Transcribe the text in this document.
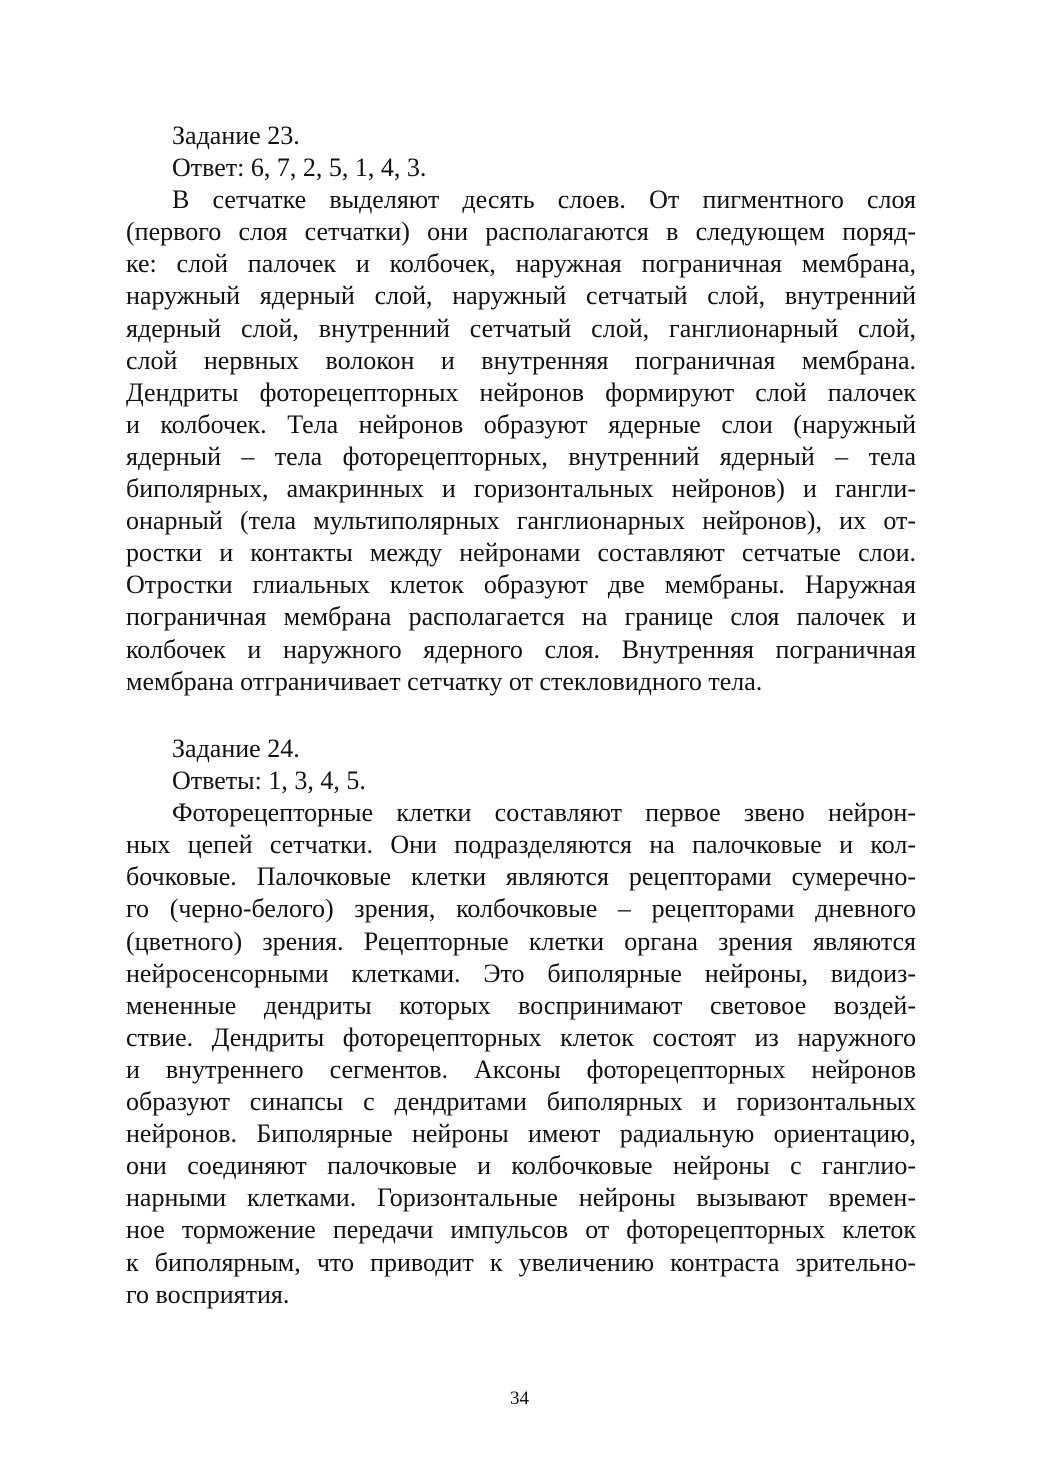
Задание 23.
Ответ: 6, 7, 2, 5, 1, 4, 3.
В сетчатке выделяют десять слоев. От пигментного слоя
(первого слоя сетчатки) они располагаются в следующем поряд-
ке: слой палочек и колбочек, наружная пограничная мембрана,
наружный ядерный слой, наружный сетчатый слой, внутренний
ядерный слой, внутренний сетчатый слой, ганглионарный слой,
слой нервных волокон и внутренняя пограничная мембрана.
Дендриты фоторецепторных нейронов формируют слой палочек
и колбочек. Тела нейронов образуют ядерные слои (наружный
ядерный – тела фоторецепторных, внутренний ядерный – тела
биполярных, амакринных и горизонтальных нейронов) и гангли-
онарный (тела мультиполярных ганглионарных нейронов), их от-
ростки и контакты между нейронами составляют сетчатые слои.
Отростки глиальных клеток образуют две мембраны. Наружная
пограничная мембрана располагается на границе слоя палочек и
колбочек и наружного ядерного слоя. Внутренняя пограничная
мембрана отграничивает сетчатку от стекловидного тела.
Задание 24.
Ответы: 1, 3, 4, 5.
Фоторецепторные клетки составляют первое звено нейрон-
ных цепей сетчатки. Они подразделяются на палочковые и кол-
бочковые. Палочковые клетки являются рецепторами сумеречно-
го (черно-белого) зрения, колбочковые – рецепторами дневного
(цветного) зрения. Рецепторные клетки органа зрения являются
нейросенсорными клетками. Это биполярные нейроны, видоиз-
мененные дендриты которых воспринимают световое воздей-
ствие. Дендриты фоторецепторных клеток состоят из наружного
и внутреннего сегментов. Аксоны фоторецепторных нейронов
образуют синапсы с дендритами биполярных и горизонтальных
нейронов. Биполярные нейроны имеют радиальную ориентацию,
они соединяют палочковые и колбочковые нейроны с ганглио-
нарными клетками. Горизонтальные нейроны вызывают времен-
ное торможение передачи импульсов от фоторецепторных клеток
к биполярным, что приводит к увеличению контраста зрительно-
го восприятия.
34
